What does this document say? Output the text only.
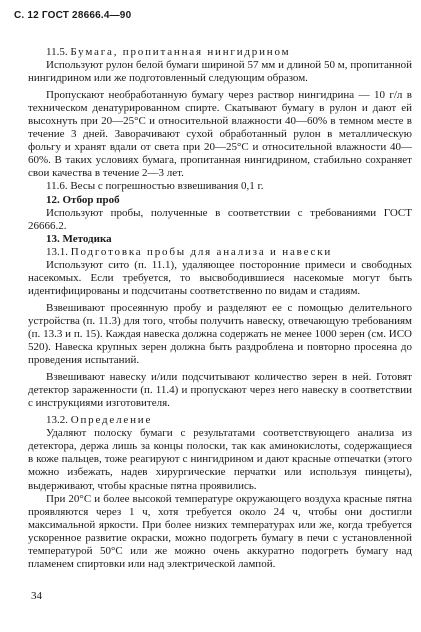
С. 12 ГОСТ 28666.4—90

11.5. Бумага, пропитанная нингидрином

Используют рулон белой бумаги шириной 57 мм и длиной 50 м, пропитанной нингидрином или же подготовленный следующим образом.

Пропускают необработанную бумагу через раствор нингидрина — 10 г/л в техническом денатурированном спирте. Скатывают бумагу в рулон и дают ей высохнуть при 20—25°С и относительной влажности 40—60% в темном месте в течение 3 дней. Заворачивают сухой обработанный рулон в металлическую фольгу и хранят вдали от света при 20—25°С и относительной влажности 40—60%. В таких условиях бумага, пропитанная нингидрином, стабильно сохраняет свои качества в течение 2—3 лет.

11.6. Весы с погрешностью взвешивания 0,1 г.

12. Отбор проб

Используют пробы, полученные в соответствии с требованиями ГОСТ 26666.2.

13. Методика

13.1. Подготовка пробы для анализа и навески

Используют сито (п. 11.1), удаляющее посторонние примеси и свободных насекомых. Если требуется, то высвободившиеся насекомые могут быть идентифицированы и подсчитаны соответственно по видам и стадиям.

Взвешивают просеянную пробу и разделяют ее с помощью делительного устройства (п. 11.3) для того, чтобы получить навеску, отвечающую требованиям (п. 13.3 и п. 15). Каждая навеска должна содержать не менее 1000 зерен (см. ИСО 520). Навеска крупных зерен должна быть раздроблена и повторно просеяна до проведения испытаний.

Взвешивают навеску и/или подсчитывают количество зерен в ней. Готовят детектор зараженности (п. 11.4) и пропускают через него навеску в соответствии с инструкциями изготовителя.

13.2. Определение

Удаляют полоску бумаги с результатами соответствующего анализа из детектора, держа лишь за концы полоски, так как аминокислоты, содержащиеся в коже пальцев, тоже реагируют с нингидрином и дают красные отпечатки (этого можно избежать, надев хирургические перчатки или используя пинцеты), выдерживают, чтобы красные пятна проявились.

При 20°С и более высокой температуре окружающего воздуха красные пятна проявляются через 1 ч, хотя требуется около 24 ч, чтобы они достигли максимальной яркости. При более низких температурах или же, когда требуется ускоренное развитие окраски, можно подогреть бумагу в печи с установленной температурой 50°С или же можно очень аккуратно подогреть бумагу над пламенем спиртовки или над электрической лампой.

34
